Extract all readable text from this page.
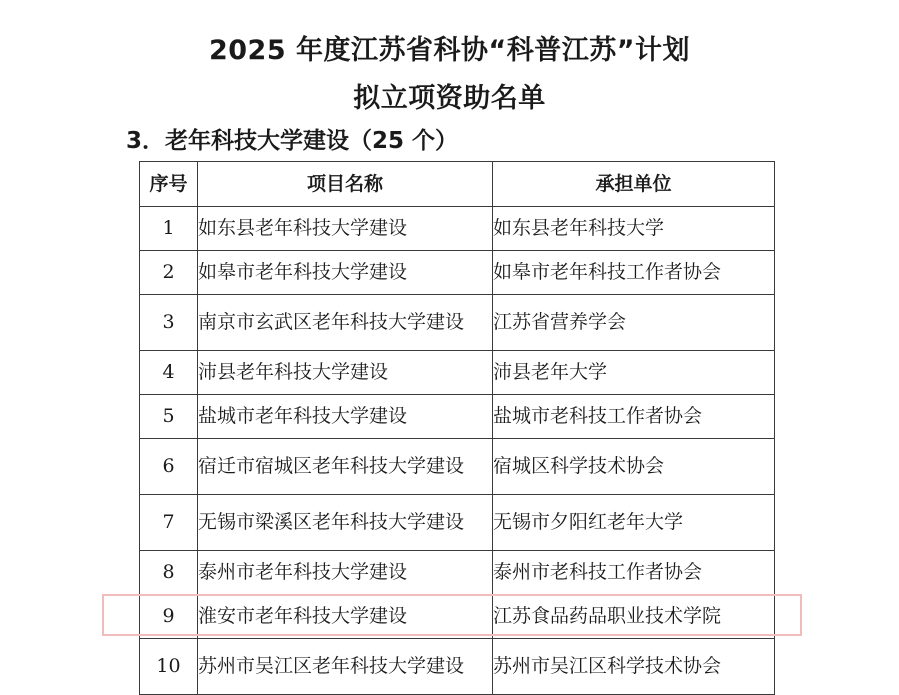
2025 年度江苏省科协“科普江苏”计划
拟立项资助名单
3．老年科技大学建设（25 个）
序号	项目名称	承担单位
1	如东县老年科技大学建设	如东县老年科技大学
2	如皋市老年科技大学建设	如皋市老年科技工作者协会
3	南京市玄武区老年科技大学建设	江苏省营养学会
4	沛县老年科技大学建设	沛县老年大学
5	盐城市老年科技大学建设	盐城市老科技工作者协会
6	宿迁市宿城区老年科技大学建设	宿城区科学技术协会
7	无锡市梁溪区老年科技大学建设	无锡市夕阳红老年大学
8	泰州市老年科技大学建设	泰州市老科技工作者协会
9	淮安市老年科技大学建设	江苏食品药品职业技术学院
10	苏州市吴江区老年科技大学建设	苏州市吴江区科学技术协会
